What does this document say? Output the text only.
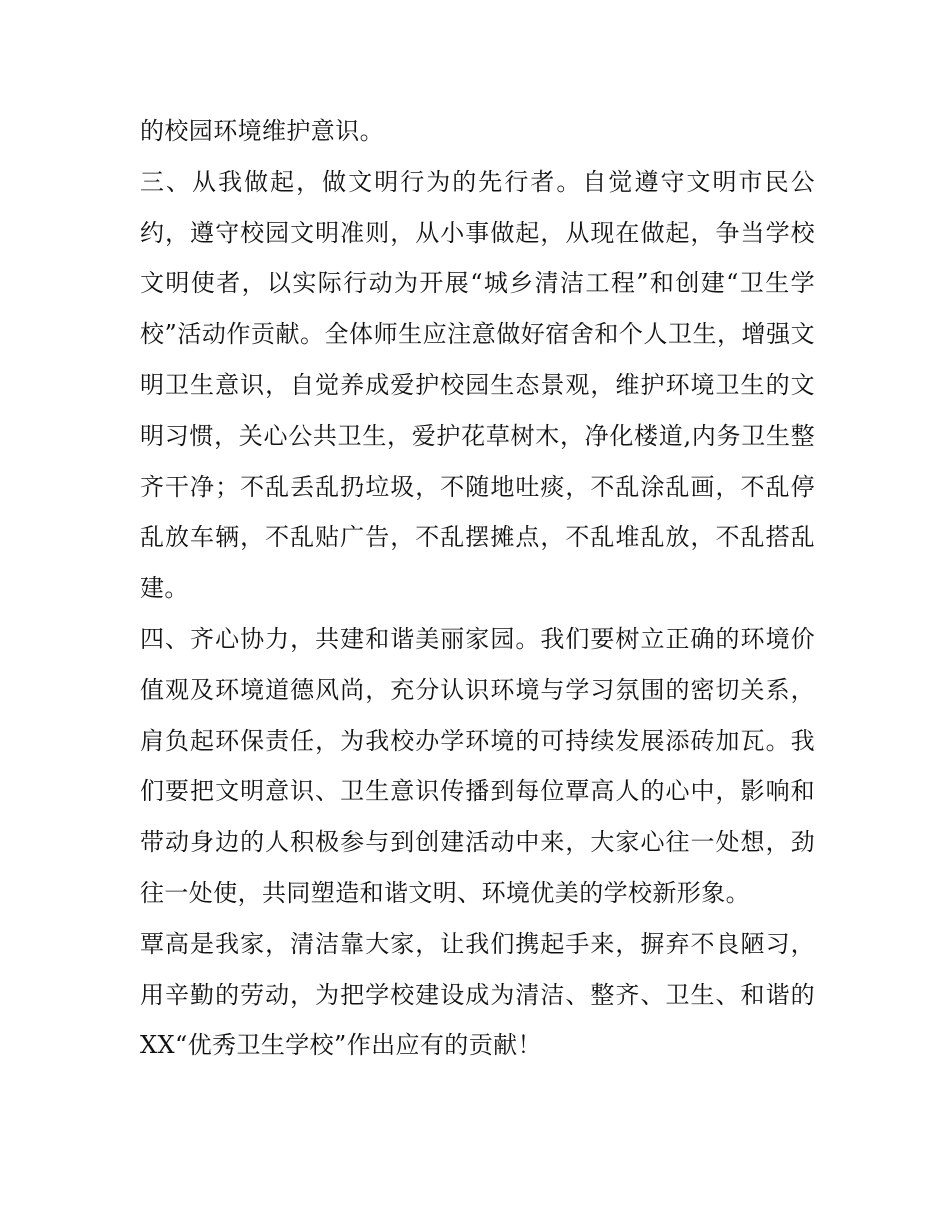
的校园环境维护意识。

三、从我做起，做文明行为的先行者。自觉遵守文明市民公约，遵守校园文明准则，从小事做起，从现在做起，争当学校文明使者，以实际行动为开展“城乡清洁工程”和创建“卫生学校”活动作贡献。全体师生应注意做好宿舍和个人卫生，增强文明卫生意识，自觉养成爱护校园生态景观，维护环境卫生的文明习惯，关心公共卫生，爱护花草树木，净化楼道,内务卫生整齐干净；不乱丢乱扔垃圾，不随地吐痰，不乱涂乱画，不乱停乱放车辆，不乱贴广告，不乱摆摊点，不乱堆乱放，不乱搭乱建。

四、齐心协力，共建和谐美丽家园。我们要树立正确的环境价值观及环境道德风尚，充分认识环境与学习氛围的密切关系，肩负起环保责任，为我校办学环境的可持续发展添砖加瓦。我们要把文明意识、卫生意识传播到每位覃高人的心中，影响和带动身边的人积极参与到创建活动中来，大家心往一处想，劲往一处使，共同塑造和谐文明、环境优美的学校新形象。

覃高是我家，清洁靠大家，让我们携起手来，摒弃不良陋习，用辛勤的劳动，为把学校建设成为清洁、整齐、卫生、和谐的XX“优秀卫生学校”作出应有的贡献！
